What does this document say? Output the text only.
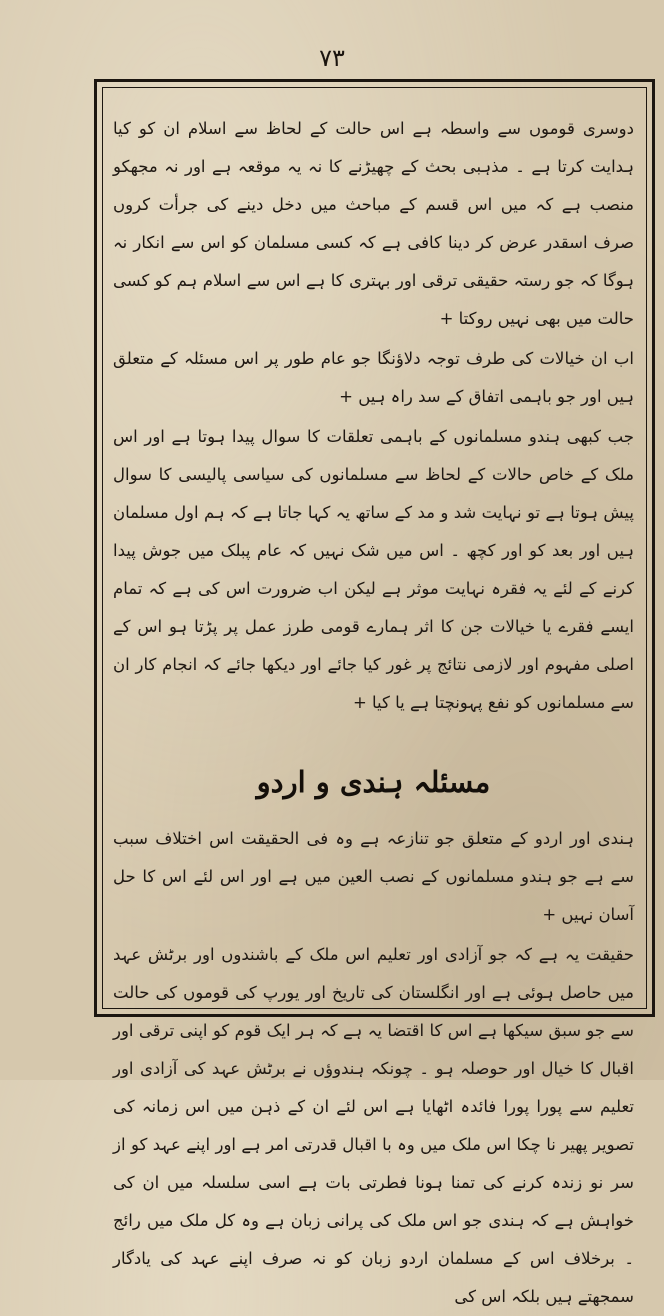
٧٣

دوسری قوموں سے واسطہ ہے اس حالت کے لحاظ سے اسلام ان کو کیا ہدایت کرتا ہے ۔ مذہبی بحث کے چھیڑنے کا نہ یہ موقعہ ہے اور نہ مجھکو منصب ہے کہ میں اس قسم کے مباحث میں دخل دینے کی جرأت کروں صرف اسقدر عرض کر دینا کافی ہے کہ کسی مسلمان کو اس سے انکار نہ ہوگا کہ جو رستہ حقیقی ترقی اور بہتری کا ہے اس سے اسلام ہم کو کسی حالت میں بھی نہیں روکتا +

اب ان خیالات کی طرف توجہ دلاؤنگا جو عام طور پر اس مسئلہ کے متعلق ہیں اور جو باہمی اتفاق کے سد راہ ہیں +

جب کبھی ہندو مسلمانوں کے باہمی تعلقات کا سوال پیدا ہوتا ہے اور اس ملک کے خاص حالات کے لحاظ سے مسلمانوں کی سیاسی پالیسی کا سوال پیش ہوتا ہے تو نہایت شد و مد کے ساتھ یہ کہا جاتا ہے کہ ہم اول مسلمان ہیں اور بعد کو اور کچھ ۔ اس میں شک نہیں کہ عام پبلک میں جوش پیدا کرنے کے لئے یہ فقرہ نہایت موثر ہے لیکن اب ضرورت اس کی ہے کہ تمام ایسے فقرے یا خیالات جن کا اثر ہمارے قومی طرز عمل پر پڑتا ہو اس کے اصلی مفہوم اور لازمی نتائج پر غور کیا جائے اور دیکھا جائے کہ انجام کار ان سے مسلمانوں کو نفع پہونچتا ہے یا کیا +

مسئلہ ہندی و اردو

ہندی اور اردو کے متعلق جو تنازعہ ہے وہ فی الحقیقت اس اختلاف سبب سے ہے جو ہندو مسلمانوں کے نصب العین میں ہے اور اس لئے اس کا حل آسان نہیں +

حقیقت یہ ہے کہ جو آزادی اور تعلیم اس ملک کے باشندوں اور برٹش عہد میں حاصل ہوئی ہے اور انگلستان کی تاریخ اور یورپ کی قوموں کی حالت سے جو سبق سیکھا ہے اس کا اقتضا یہ ہے کہ ہر ایک قوم کو اپنی ترقی اور اقبال کا خیال اور حوصلہ ہو ۔ چونکہ ہندوؤں نے برٹش عہد کی آزادی اور تعلیم سے پورا پورا فائدہ اٹھایا ہے اس لئے ان کے ذہن میں اس زمانہ کی تصویر پھیر نا چکا اس ملک میں وہ با اقبال قدرتی امر ہے اور اپنے عہد کو از سر نو زندہ کرنے کی تمنا ہونا فطرتی بات ہے اسی سلسلہ میں ان کی خواہش ہے کہ ہندی جو اس ملک کی پرانی زبان ہے وہ کل ملک میں رائج ۔ برخلاف اس کے مسلمان اردو زبان کو نہ صرف اپنے عہد کی یادگار سمجھتے ہیں بلکہ اس کی
